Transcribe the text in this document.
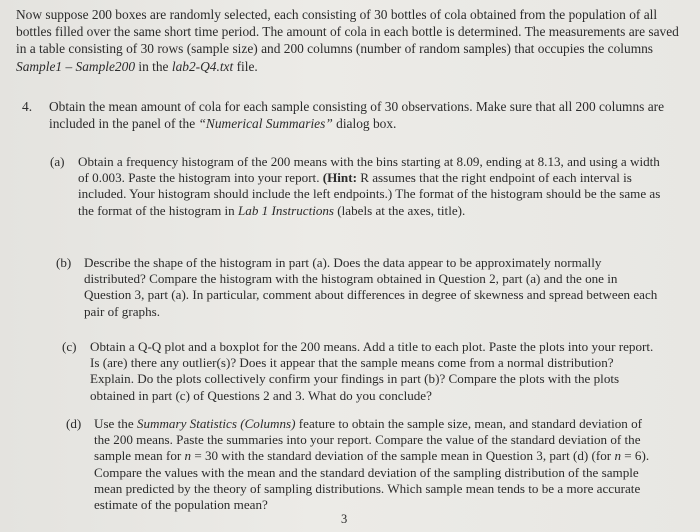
Now suppose 200 boxes are randomly selected, each consisting of 30 bottles of cola obtained from the population of all bottles filled over the same short time period. The amount of cola in each bottle is determined. The measurements are saved in a table consisting of 30 rows (sample size) and 200 columns (number of random samples) that occupies the columns Sample1 – Sample200 in the lab2-Q4.txt file.

4. Obtain the mean amount of cola for each sample consisting of 30 observations. Make sure that all 200 columns are included in the panel of the “Numerical Summaries” dialog box.
(a) Obtain a frequency histogram of the 200 means with the bins starting at 8.09, ending at 8.13, and using a width of 0.003. Paste the histogram into your report. (Hint: R assumes that the right endpoint of each interval is included. Your histogram should include the left endpoints.) The format of the histogram should be the same as the format of the histogram in Lab 1 Instructions (labels at the axes, title).
(b) Describe the shape of the histogram in part (a). Does the data appear to be approximately normally distributed? Compare the histogram with the histogram obtained in Question 2, part (a) and the one in Question 3, part (a). In particular, comment about differences in degree of skewness and spread between each pair of graphs.
(c) Obtain a Q-Q plot and a boxplot for the 200 means. Add a title to each plot. Paste the plots into your report. Is (are) there any outlier(s)? Does it appear that the sample means come from a normal distribution? Explain. Do the plots collectively confirm your findings in part (b)? Compare the plots with the plots obtained in part (c) of Questions 2 and 3. What do you conclude?
(d) Use the Summary Statistics (Columns) feature to obtain the sample size, mean, and standard deviation of the 200 means. Paste the summaries into your report. Compare the value of the standard deviation of the sample mean for n = 30 with the standard deviation of the sample mean in Question 3, part (d) (for n = 6). Compare the values with the mean and the standard deviation of the sampling distribution of the sample mean predicted by the theory of sampling distributions. Which sample mean tends to be a more accurate estimate of the population mean?
3
